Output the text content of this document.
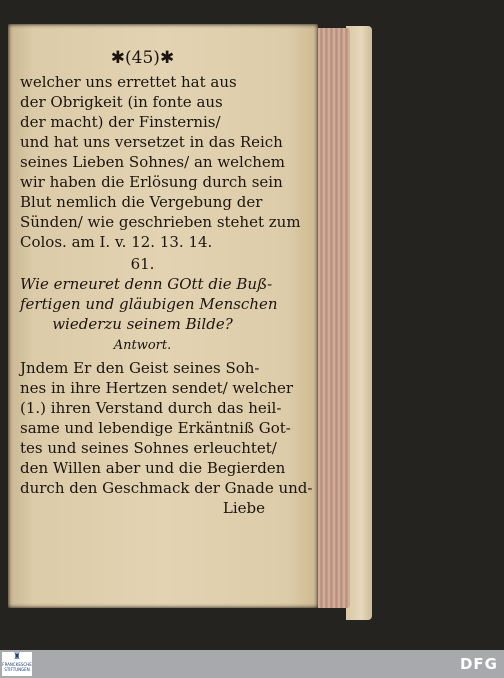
✱(45)✱
welcher uns errettet hat aus
der Obrigkeit (in fonte aus
der macht) der Finsternis/
und hat uns versetzet in das Reich
seines Lieben Sohnes/ an welchem
wir haben die Erlösung durch sein
Blut nemlich die Vergebung der
Sünden/ wie geschrieben stehet zum
Colos. am I. v. 12. 13. 14.
61.
Wie erneuret denn GOtt die Buß-
fertigen und gläubigen Menschen
wiederzu seinem Bilde?
Antwort.
Jndem Er den Geist seines Soh-
nes in ihre Hertzen sendet/ welcher
(1.) ihren Verstand durch das heil-
same und lebendige Erkäntniß Got-
tes und seines Sohnes erleuchtet/
den Willen aber und die Begierden
durch den Geschmack der Gnade und-
Liebe
♜
FRANCKESCHE STIFTUNGEN	DFG
